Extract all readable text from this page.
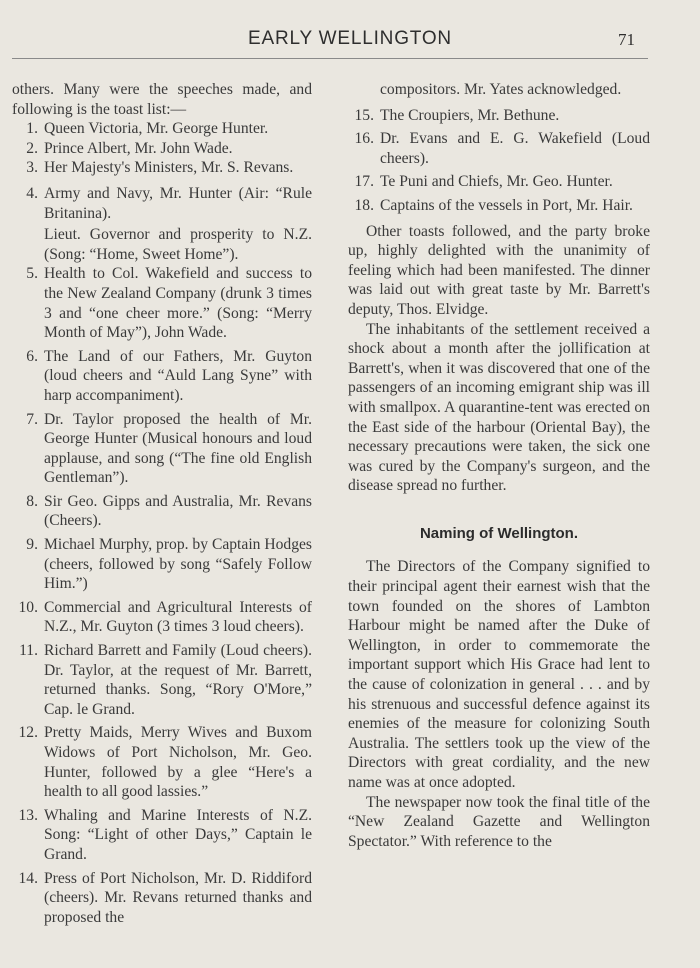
EARLY WELLINGTON	71

others. Many were the speeches made, and following is the toast list:—

1. Queen Victoria, Mr. George Hunter.
2. Prince Albert, Mr. John Wade.
3. Her Majesty's Ministers, Mr. S. Revans.
4. Army and Navy, Mr. Hunter (Air: “Rule Britanina).
Lieut. Governor and prosperity to N.Z. (Song: “Home, Sweet Home”).
5. Health to Col. Wakefield and success to the New Zealand Company (drunk 3 times 3 and “one cheer more.” (Song: “Merry Month of May”), John Wade.
6. The Land of our Fathers, Mr. Guyton (loud cheers and “Auld Lang Syne” with harp accompaniment).
7. Dr. Taylor proposed the health of Mr. George Hunter (Musical honours and loud applause, and song (“The fine old English Gentleman”).
8. Sir Geo. Gipps and Australia, Mr. Revans (Cheers).
9. Michael Murphy, prop. by Captain Hodges (cheers, followed by song “Safely Follow Him.”)
10. Commercial and Agricultural Interests of N.Z., Mr. Guyton (3 times 3 loud cheers).
11. Richard Barrett and Family (Loud cheers). Dr. Taylor, at the request of Mr. Barrett, returned thanks. Song, “Rory O'More,” Cap. le Grand.
12. Pretty Maids, Merry Wives and Buxom Widows of Port Nicholson, Mr. Geo. Hunter, followed by a glee “Here's a health to all good lassies.”
13. Whaling and Marine Interests of N.Z. Song: “Light of other Days,” Captain le Grand.
14. Press of Port Nicholson, Mr. D. Riddiford (cheers). Mr. Revans returned thanks and proposed the
compositors. Mr. Yates acknowledged.
15. The Croupiers, Mr. Bethune.
16. Dr. Evans and E. G. Wakefield (Loud cheers).
17. Te Puni and Chiefs, Mr. Geo. Hunter.
18. Captains of the vessels in Port, Mr. Hair.

Other toasts followed, and the party broke up, highly delighted with the unanimity of feeling which had been manifested. The dinner was laid out with great taste by Mr. Barrett's deputy, Thos. Elvidge.

The inhabitants of the settlement received a shock about a month after the jollification at Barrett's, when it was discovered that one of the passengers of an incoming emigrant ship was ill with smallpox. A quarantine-tent was erected on the East side of the harbour (Oriental Bay), the necessary precautions were taken, the sick one was cured by the Company's surgeon, and the disease spread no further.

Naming of Wellington.

The Directors of the Company signified to their principal agent their earnest wish that the town founded on the shores of Lambton Harbour might be named after the Duke of Wellington, in order to commemorate the important support which His Grace had lent to the cause of colonization in general . . . and by his strenuous and successful defence against its enemies of the measure for colonizing South Australia. The settlers took up the view of the Directors with great cordiality, and the new name was at once adopted.

The newspaper now took the final title of the “New Zealand Gazette and Wellington Spectator.” With reference to the
